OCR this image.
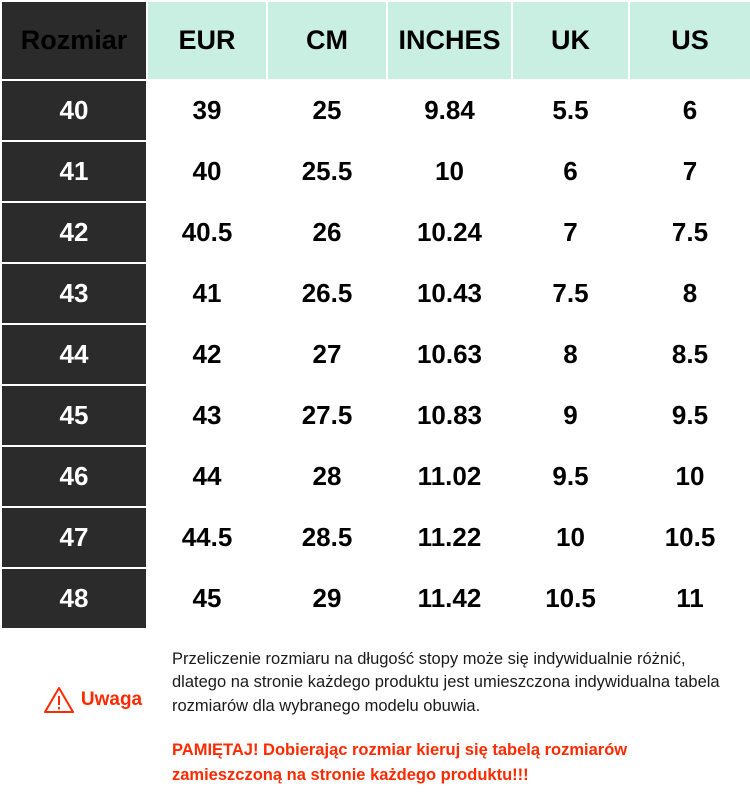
Rozmiar	EUR	CM	INCHES	UK	US
40	39	25	9.84	5.5	6
41	40	25.5	10	6	7
42	40.5	26	10.24	7	7.5
43	41	26.5	10.43	7.5	8
44	42	27	10.63	8	8.5
45	43	27.5	10.83	9	9.5
46	44	28	11.02	9.5	10
47	44.5	28.5	11.22	10	10.5
48	45	29	11.42	10.5	11
Uwaga

Przeliczenie rozmiaru na długość stopy może się indywidualnie różnić, dlatego na stronie każdego produktu jest umieszczona indywidualna tabela rozmiarów dla wybranego modelu obuwia.

PAMIĘTAJ! Dobierając rozmiar kieruj się tabelą rozmiarów zamieszczoną na stronie każdego produktu!!!
